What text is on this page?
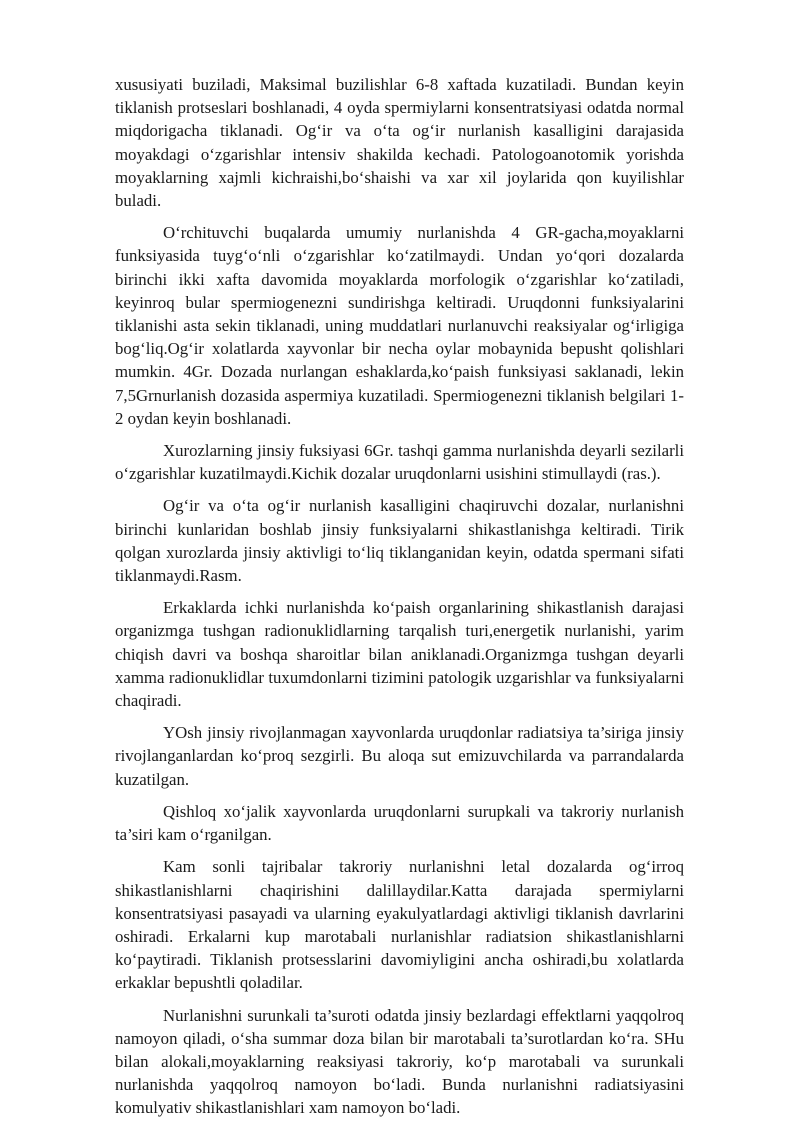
xususiyati buziladi, Maksimal buzilishlar 6-8 xaftada kuzatiladi. Bundan keyin tiklanish protseslari boshlanadi, 4 oyda spermiylarni konsentratsiyasi odatda normal miqdorigacha tiklanadi. Og‘ir va o‘ta og‘ir nurlanish kasalligini darajasida moyakdagi o‘zgarishlar intensiv shakilda kechadi. Patologoanotomik yorishda moyaklarning xajmli kichraishi,bo‘shaishi va xar xil joylarida qon kuyilishlar buladi.

O‘rchituvchi buqalarda umumiy nurlanishda 4 GR-gacha,moyaklarni funksiyasida tuyg‘o‘nli o‘zgarishlar ko‘zatilmaydi. Undan yo‘qori dozalarda birinchi ikki xafta davomida moyaklarda morfologik o‘zgarishlar ko‘zatiladi, keyinroq bular spermiogenezni sundirishga keltiradi. Uruqdonni funksiyalarini tiklanishi asta sekin tiklanadi, uning muddatlari nurlanuvchi reaksiyalar og‘irligiga bog‘liq.Og‘ir xolatlarda xayvonlar bir necha oylar mobaynida bepusht qolishlari mumkin. 4Gr. Dozada nurlangan eshaklarda,ko‘paish funksiyasi saklanadi, lekin 7,5Grnurlanish dozasida aspermiya kuzatiladi. Spermiogenezni tiklanish belgilari 1-2 oydan keyin boshlanadi.

Xurozlarning jinsiy fuksiyasi 6Gr. tashqi gamma nurlanishda deyarli sezilarli o‘zgarishlar kuzatilmaydi.Kichik dozalar uruqdonlarni usishini stimullaydi (ras.).

Og‘ir va o‘ta og‘ir nurlanish kasalligini chaqiruvchi dozalar, nurlanishni birinchi kunlaridan boshlab jinsiy funksiyalarni shikastlanishga keltiradi. Tirik qolgan xurozlarda jinsiy aktivligi to‘liq tiklanganidan keyin, odatda spermani sifati tiklanmaydi.Rasm.

Erkaklarda ichki nurlanishda ko‘paish organlarining shikastlanish darajasi organizmga tushgan radionuklidlarning tarqalish turi,energetik nurlanishi, yarim chiqish davri va boshqa sharoitlar bilan aniklanadi.Organizmga tushgan deyarli xamma radionuklidlar tuxumdonlarni tizimini patologik uzgarishlar va funksiyalarni chaqiradi.

YOsh jinsiy rivojlanmagan xayvonlarda uruqdonlar radiatsiya ta’siriga jinsiy rivojlanganlardan ko‘proq sezgirli. Bu aloqa sut emizuvchilarda va parrandalarda kuzatilgan.

Qishloq xo‘jalik xayvonlarda uruqdonlarni surupkali va takroriy nurlanish ta’siri kam o‘rganilgan.

Kam sonli tajribalar takroriy nurlanishni letal dozalarda og‘irroq shikastlanishlarni chaqirishini dalillaydilar.Katta darajada spermiylarni konsentratsiyasi pasayadi va ularning eyakulyatlardagi aktivligi tiklanish davrlarini oshiradi. Erkalarni kup marotabali nurlanishlar radiatsion shikastlanishlarni ko‘paytiradi. Tiklanish protsesslarini davomiyligini ancha oshiradi,bu xolatlarda erkaklar bepushtli qoladilar.

Nurlanishni surunkali ta’suroti odatda jinsiy bezlardagi effektlarni yaqqolroq namoyon qiladi, o‘sha summar doza bilan bir marotabali ta’surotlardan ko‘ra. SHu bilan alokali,moyaklarning reaksiyasi takroriy, ko‘p marotabali va surunkali nurlanishda yaqqolroq namoyon bo‘ladi. Bunda nurlanishni radiatsiyasini komulyativ shikastlanishlari xam namoyon bo‘ladi.
